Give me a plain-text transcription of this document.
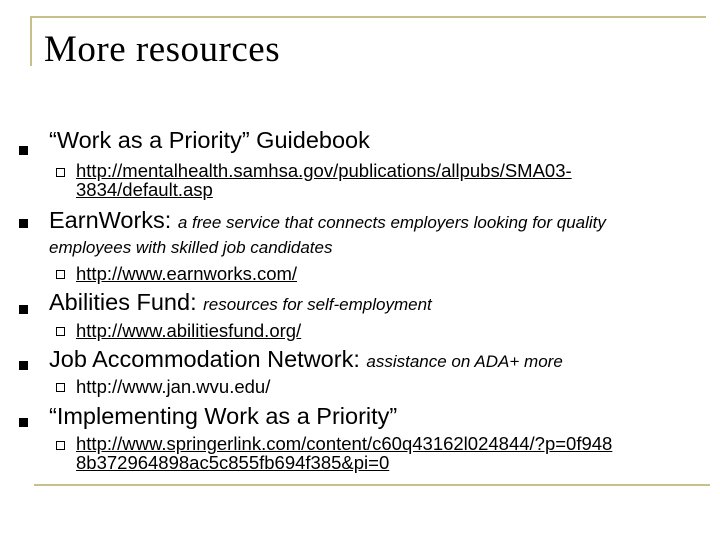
More resources
“Work as a Priority” Guidebook
http://mentalhealth.samhsa.gov/publications/allpubs/SMA03-
3834/default.asp
EarnWorks: a free service that connects employers looking for quality
employees with skilled job candidates
http://www.earnworks.com/
Abilities Fund: resources for self-employment
http://www.abilitiesfund.org/
Job Accommodation Network: assistance on ADA+ more
http://www.jan.wvu.edu/
“Implementing Work as a Priority”
http://www.springerlink.com/content/c60q43162l024844/?p=0f948
8b372964898ac5c855fb694f385&pi=0
